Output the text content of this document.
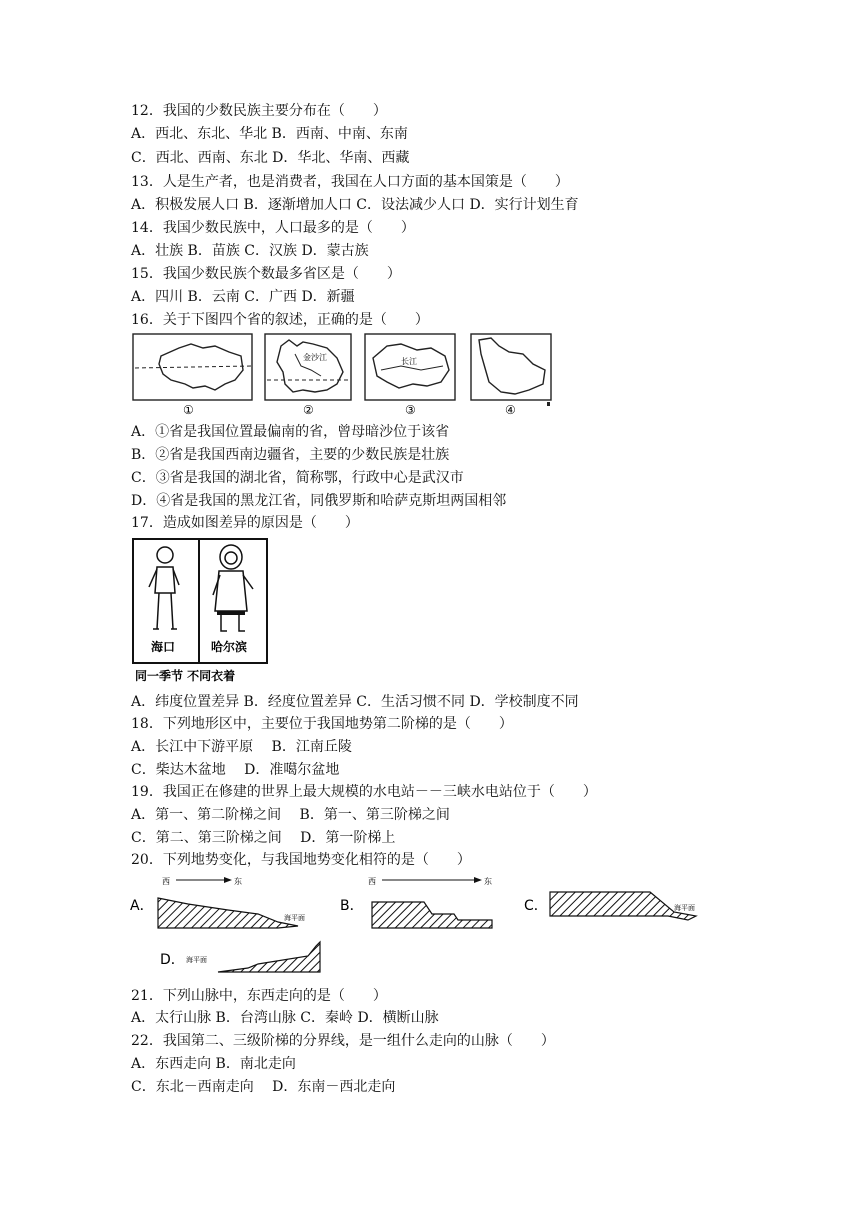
12．我国的少数民族主要分布在（　　）
A．西北、东北、华北 B．西南、中南、东南
C．西北、西南、东北 D．华北、华南、西藏
13．人是生产者，也是消费者，我国在人口方面的基本国策是（　　）
A．积极发展人口 B．逐渐增加人口 C．设法减少人口 D．实行计划生育
14．我国少数民族中，人口最多的是（　　）
A．壮族 B．苗族 C．汉族 D．蒙古族
15．我国少数民族个数最多省区是（　　）
A．四川 B．云南 C．广西 D．新疆
16．关于下图四个省的叙述，正确的是（　　）
金沙江	长江
①	②	③	④
A．①省是我国位置最偏南的省，曾母暗沙位于该省
B．②省是我国西南边疆省，主要的少数民族是壮族
C．③省是我国的湖北省，简称鄂，行政中心是武汉市
D．④省是我国的黑龙江省，同俄罗斯和哈萨克斯坦两国相邻
17．造成如图差异的原因是（　　）
海口	哈尔滨
同一季节 不同衣着
A．纬度位置差异 B．经度位置差异 C．生活习惯不同 D．学校制度不同
18．下列地形区中，主要位于我国地势第二阶梯的是（　　）
A．长江中下游平原　 B．江南丘陵
C．柴达木盆地　 D．准噶尔盆地
19．我国正在修建的世界上最大规模的水电站－－三峡水电站位于（　　）
A．第一、第二阶梯之间　 B．第一、第三阶梯之间
C．第二、第三阶梯之间　 D．第一阶梯上
20．下列地势变化，与我国地势变化相符的是（　　）
A．
西	东
海平面
B．
西	东
C．	海平面
D． 海平面
21．下列山脉中，东西走向的是（　　）
A．太行山脉 B．台湾山脉 C．秦岭 D．横断山脉
22．我国第二、三级阶梯的分界线，是一组什么走向的山脉（　　）
A．东西走向 B．南北走向
C．东北－西南走向　 D．东南－西北走向
